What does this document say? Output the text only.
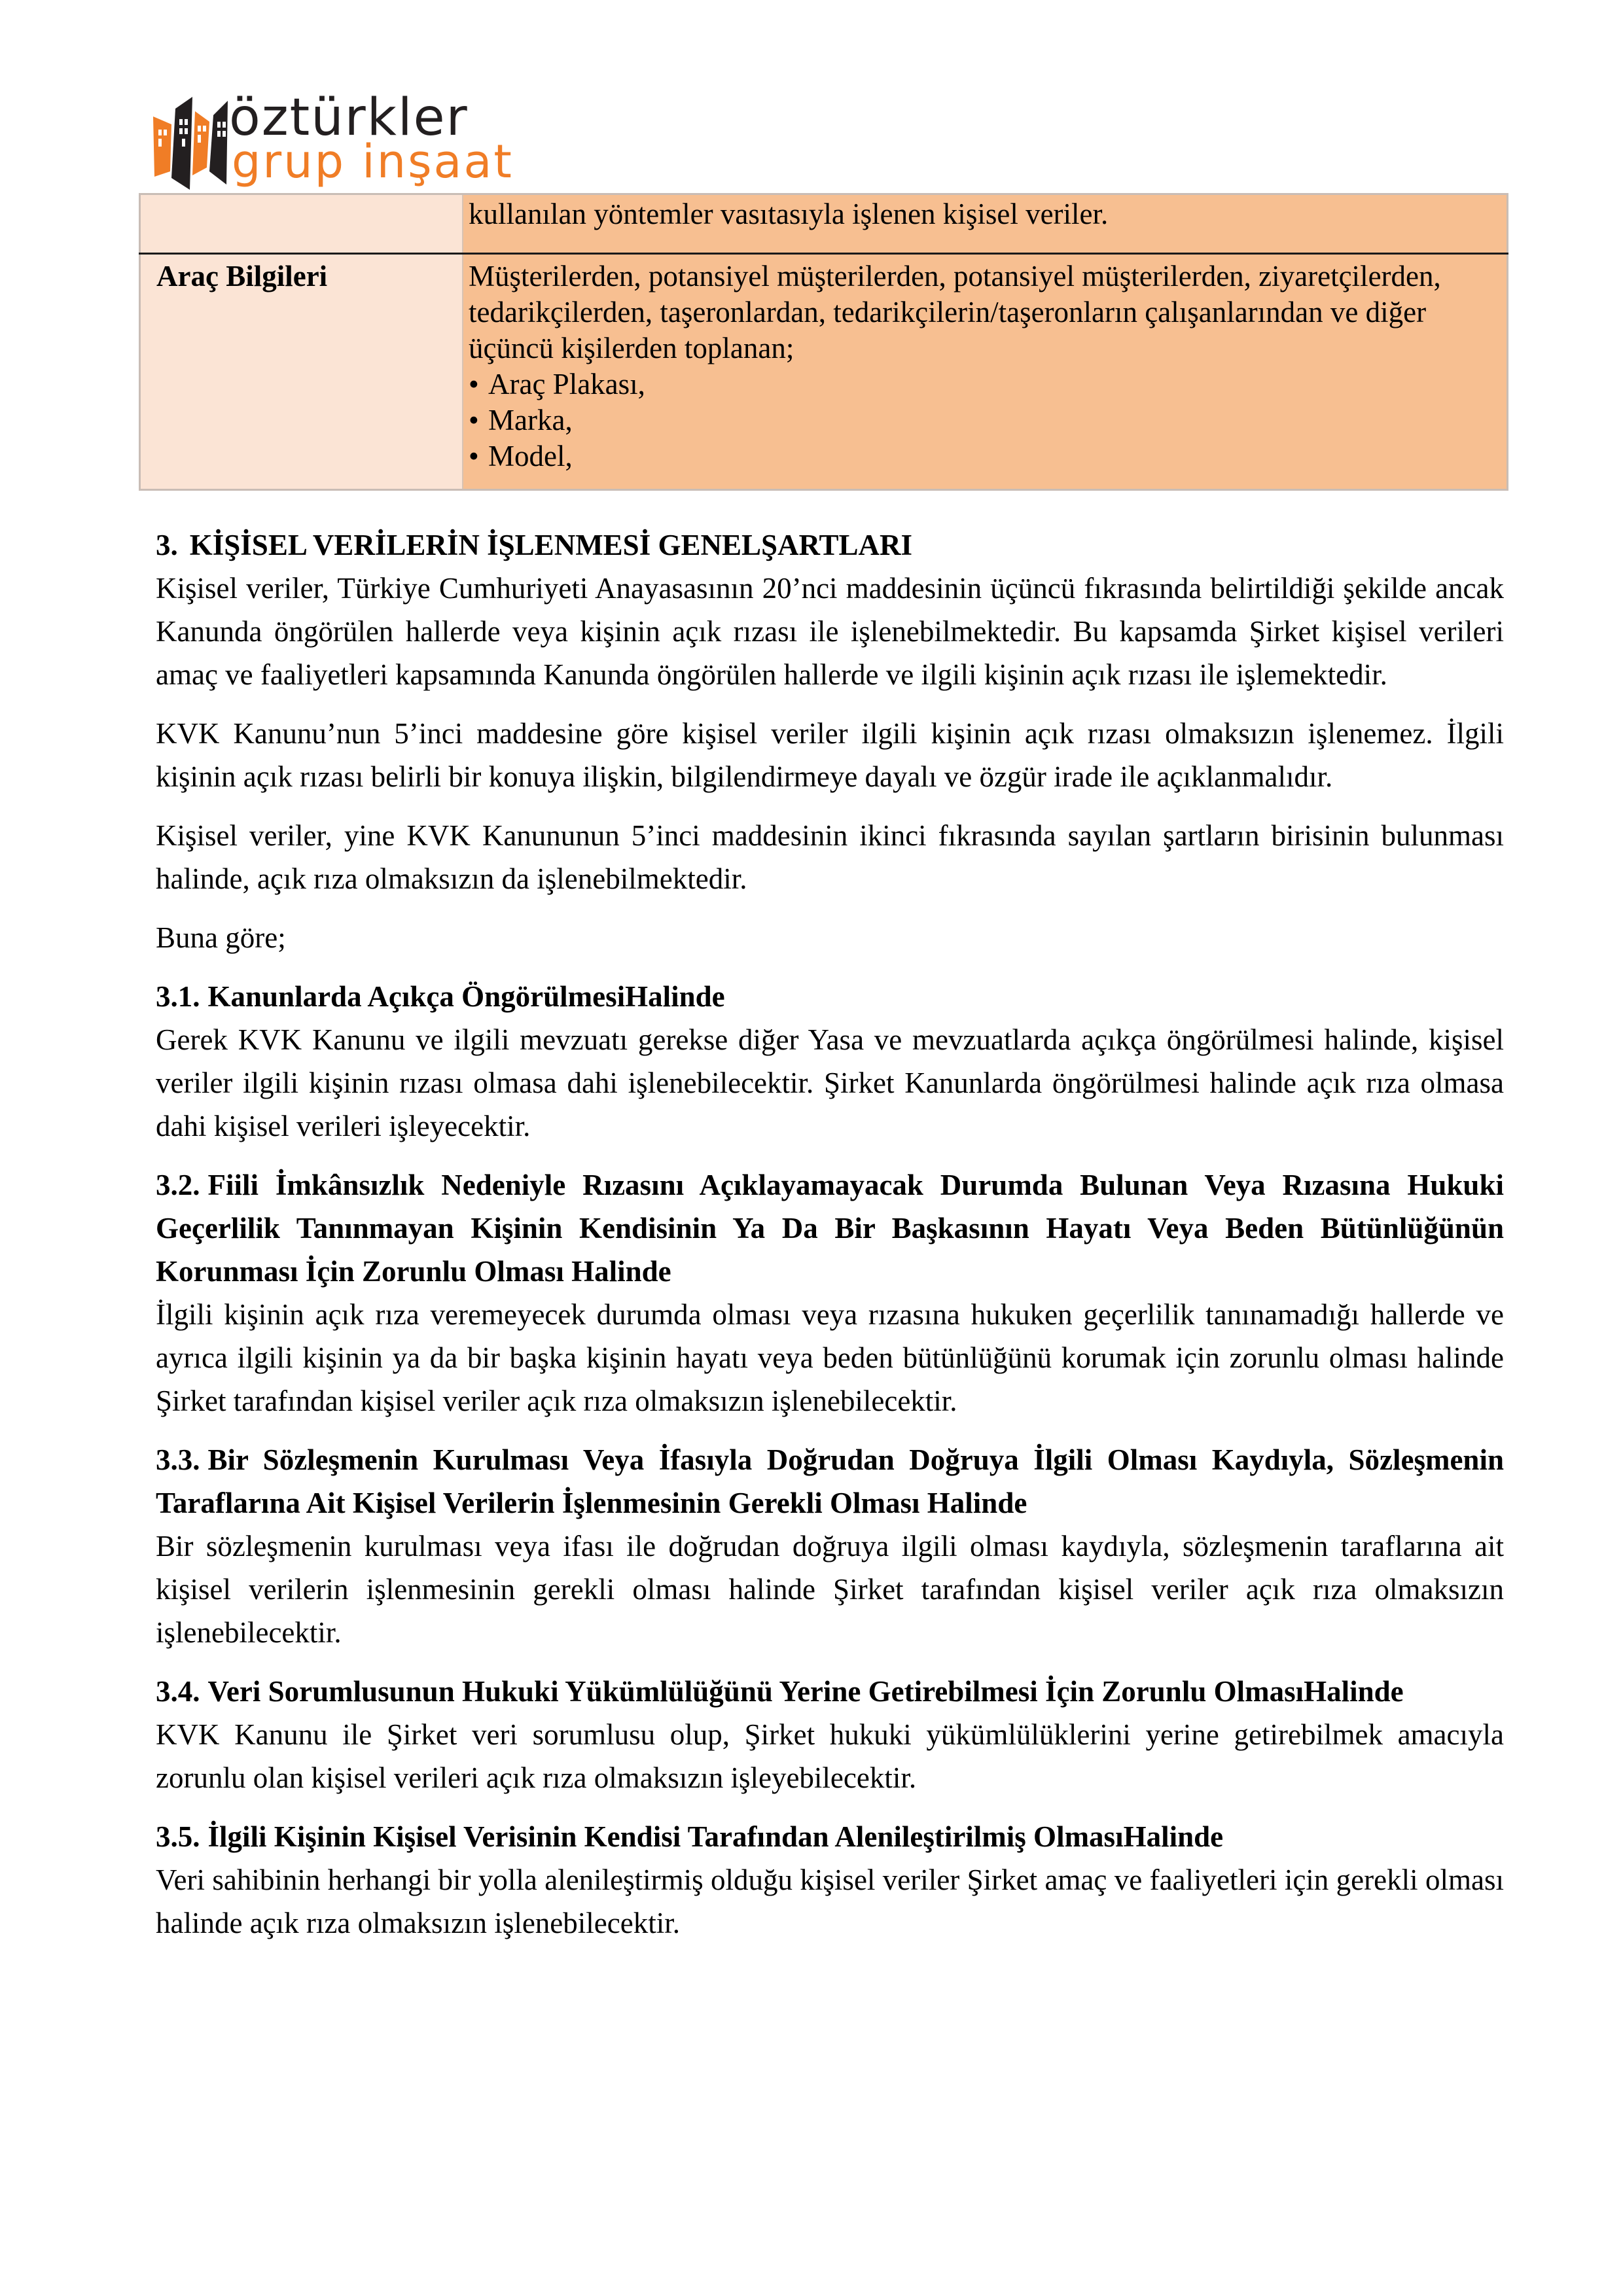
öztürkler
grup inşaat
	kullanılan yöntemler vasıtasıyla işlenen kişisel veriler.
Araç Bilgileri	Müşterilerden, potansiyel müşterilerden, potansiyel müşterilerden, ziyaretçilerden, tedarikçilerden, taşeronlardan, tedarikçilerin/taşeronların çalışanlarından ve diğer üçüncü kişilerden toplanan;
• Araç Plakası,
• Marka,
• Model,
3. KİŞİSEL VERİLERİN İŞLENMESİ GENELŞARTLARI

Kişisel veriler, Türkiye Cumhuriyeti Anayasasının 20’nci maddesinin üçüncü fıkrasında belirtildiği şekilde ancak Kanunda öngörülen hallerde veya kişinin açık rızası ile işlenebilmektedir. Bu kapsamda Şirket kişisel verileri amaç ve faaliyetleri kapsamında Kanunda öngörülen hallerde ve ilgili kişinin açık rızası ile işlemektedir.

KVK Kanunu’nun 5’inci maddesine göre kişisel veriler ilgili kişinin açık rızası olmaksızın işlenemez. İlgili kişinin açık rızası belirli bir konuya ilişkin, bilgilendirmeye dayalı ve özgür irade ile açıklanmalıdır.

Kişisel veriler, yine KVK Kanununun 5’inci maddesinin ikinci fıkrasında sayılan şartların birisinin bulunması halinde, açık rıza olmaksızın da işlenebilmektedir.

Buna göre;

3.1. Kanunlarda Açıkça ÖngörülmesiHalinde

Gerek KVK Kanunu ve ilgili mevzuatı gerekse diğer Yasa ve mevzuatlarda açıkça öngörülmesi halinde, kişisel veriler ilgili kişinin rızası olmasa dahi işlenebilecektir. Şirket Kanunlarda öngörülmesi halinde açık rıza olmasa dahi kişisel verileri işleyecektir.

3.2. Fiili İmkânsızlık Nedeniyle Rızasını Açıklayamayacak Durumda Bulunan Veya Rızasına Hukuki Geçerlilik Tanınmayan Kişinin Kendisinin Ya Da Bir Başkasının Hayatı Veya Beden Bütünlüğünün Korunması İçin Zorunlu Olması Halinde

İlgili kişinin açık rıza veremeyecek durumda olması veya rızasına hukuken geçerlilik tanınamadığı hallerde ve ayrıca ilgili kişinin ya da bir başka kişinin hayatı veya beden bütünlüğünü korumak için zorunlu olması halinde Şirket tarafından kişisel veriler açık rıza olmaksızın işlenebilecektir.

3.3. Bir Sözleşmenin Kurulması Veya İfasıyla Doğrudan Doğruya İlgili Olması Kaydıyla, Sözleşmenin Taraflarına Ait Kişisel Verilerin İşlenmesinin Gerekli Olması Halinde

Bir sözleşmenin kurulması veya ifası ile doğrudan doğruya ilgili olması kaydıyla, sözleşmenin taraflarına ait kişisel verilerin işlenmesinin gerekli olması halinde Şirket tarafından kişisel veriler açık rıza olmaksızın işlenebilecektir.

3.4. Veri Sorumlusunun Hukuki Yükümlülüğünü Yerine Getirebilmesi İçin Zorunlu OlmasıHalinde

KVK Kanunu ile Şirket veri sorumlusu olup, Şirket hukuki yükümlülüklerini yerine getirebilmek amacıyla zorunlu olan kişisel verileri açık rıza olmaksızın işleyebilecektir.

3.5. İlgili Kişinin Kişisel Verisinin Kendisi Tarafından Alenileştirilmiş OlmasıHalinde

Veri sahibinin herhangi bir yolla alenileştirmiş olduğu kişisel veriler Şirket amaç ve faaliyetleri için gerekli olması halinde açık rıza olmaksızın işlenebilecektir.
